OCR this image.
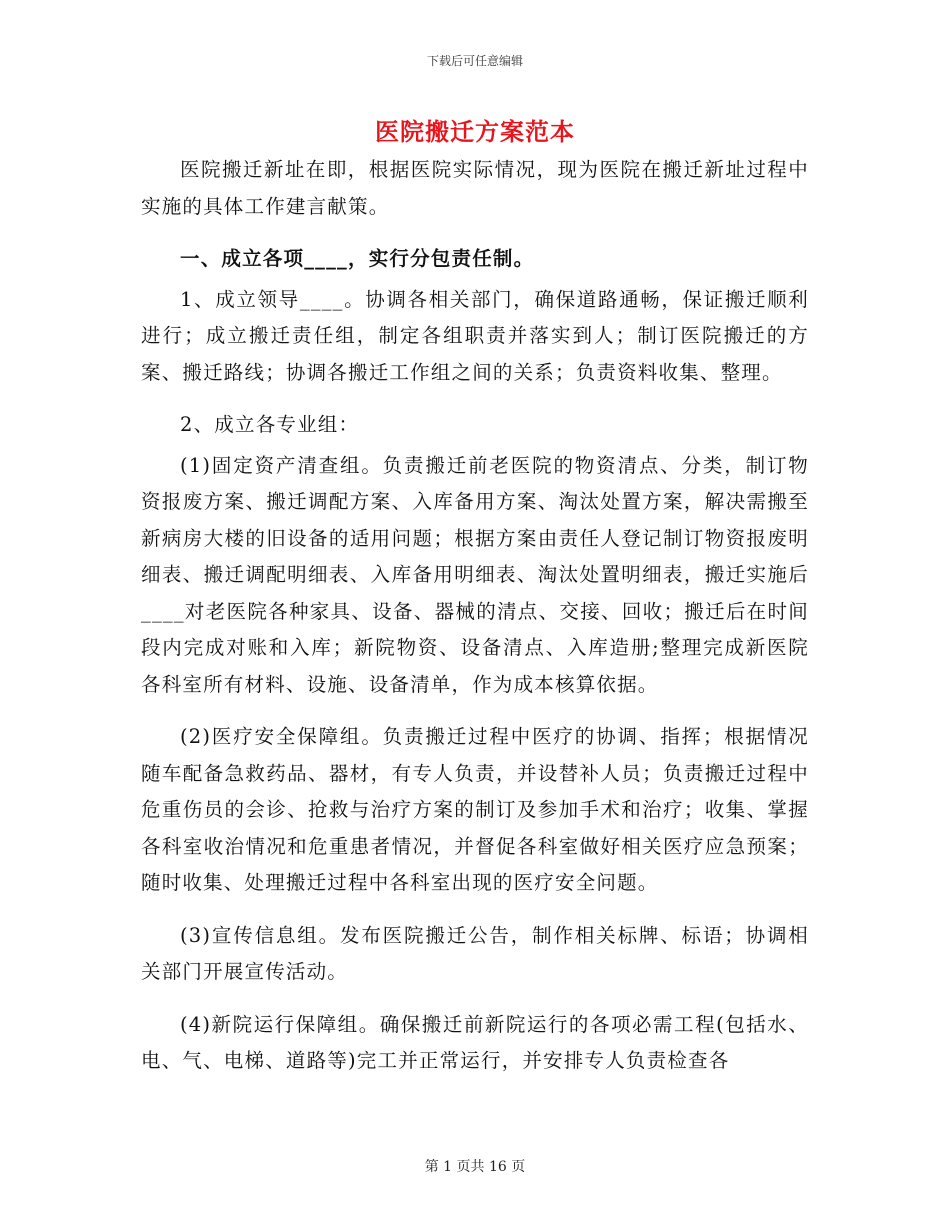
下载后可任意编辑
医院搬迁方案范本

医院搬迁新址在即，根据医院实际情况，现为医院在搬迁新址过程中实施的具体工作建言献策。

一、成立各项____，实行分包责任制。

1、成立领导____。协调各相关部门，确保道路通畅，保证搬迁顺利进行；成立搬迁责任组，制定各组职责并落实到人；制订医院搬迁的方案、搬迁路线；协调各搬迁工作组之间的关系；负责资料收集、整理。

2、成立各专业组：

(1)固定资产清查组。负责搬迁前老医院的物资清点、分类，制订物资报废方案、搬迁调配方案、入库备用方案、淘汰处置方案，解决需搬至新病房大楼的旧设备的适用问题；根据方案由责任人登记制订物资报废明细表、搬迁调配明细表、入库备用明细表、淘汰处置明细表，搬迁实施后____对老医院各种家具、设备、器械的清点、交接、回收；搬迁后在时间段内完成对账和入库；新院物资、设备清点、入库造册;整理完成新医院各科室所有材料、设施、设备清单，作为成本核算依据。

(2)医疗安全保障组。负责搬迁过程中医疗的协调、指挥；根据情况随车配备急救药品、器材，有专人负责，并设替补人员；负责搬迁过程中危重伤员的会诊、抢救与治疗方案的制订及参加手术和治疗；收集、掌握各科室收治情况和危重患者情况，并督促各科室做好相关医疗应急预案；随时收集、处理搬迁过程中各科室出现的医疗安全问题。

(3)宣传信息组。发布医院搬迁公告，制作相关标牌、标语；协调相关部门开展宣传活动。

(4)新院运行保障组。确保搬迁前新院运行的各项必需工程(包括水、电、气、电梯、道路等)完工并正常运行，并安排专人负责检查各

第 1 页共 16 页
